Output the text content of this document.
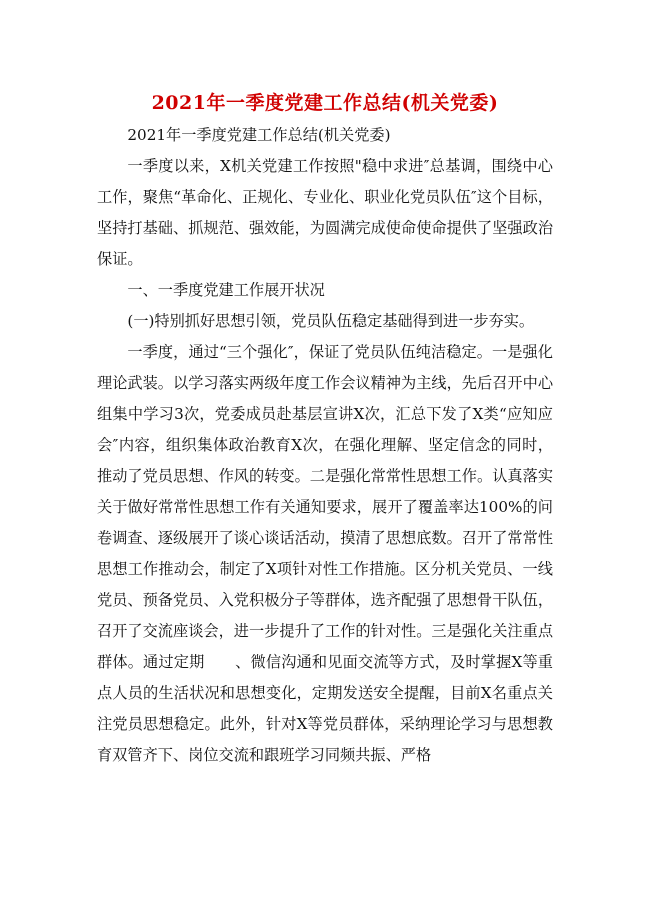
2021年一季度党建工作总结(机关党委)

2021年一季度党建工作总结(机关党委)

一季度以来，X机关党建工作按照"稳中求进″总基调，围绕中心工作，聚焦“革命化、正规化、专业化、职业化党员队伍″这个目标，坚持打基础、抓规范、强效能，为圆满完成使命使命提供了坚强政治保证。

一、一季度党建工作展开状况

(一)特别抓好思想引领，党员队伍稳定基础得到进一步夯实。

一季度，通过“三个强化″，保证了党员队伍纯洁稳定。一是强化理论武装。以学习落实两级年度工作会议精神为主线，先后召开中心组集中学习3次，党委成员赴基层宣讲X次，汇总下发了X类“应知应会″内容，组织集体政治教育X次，在强化理解、坚定信念的同时，推动了党员思想、作风的转变。二是强化常常性思想工作。认真落实关于做好常常性思想工作有关通知要求，展开了覆盖率达100%的问卷调查、逐级展开了谈心谈话活动，摸清了思想底数。召开了常常性思想工作推动会，制定了X项针对性工作措施。区分机关党员、一线党员、预备党员、入党积极分子等群体，选齐配强了思想骨干队伍，召开了交流座谈会，进一步提升了工作的针对性。三是强化关注重点群体。通过定期　　、微信沟通和见面交流等方式，及时掌握X等重点人员的生活状况和思想变化，定期发送安全提醒，目前X名重点关注党员思想稳定。此外，针对X等党员群体，采纳理论学习与思想教育双管齐下、岗位交流和跟班学习同频共振、严格
